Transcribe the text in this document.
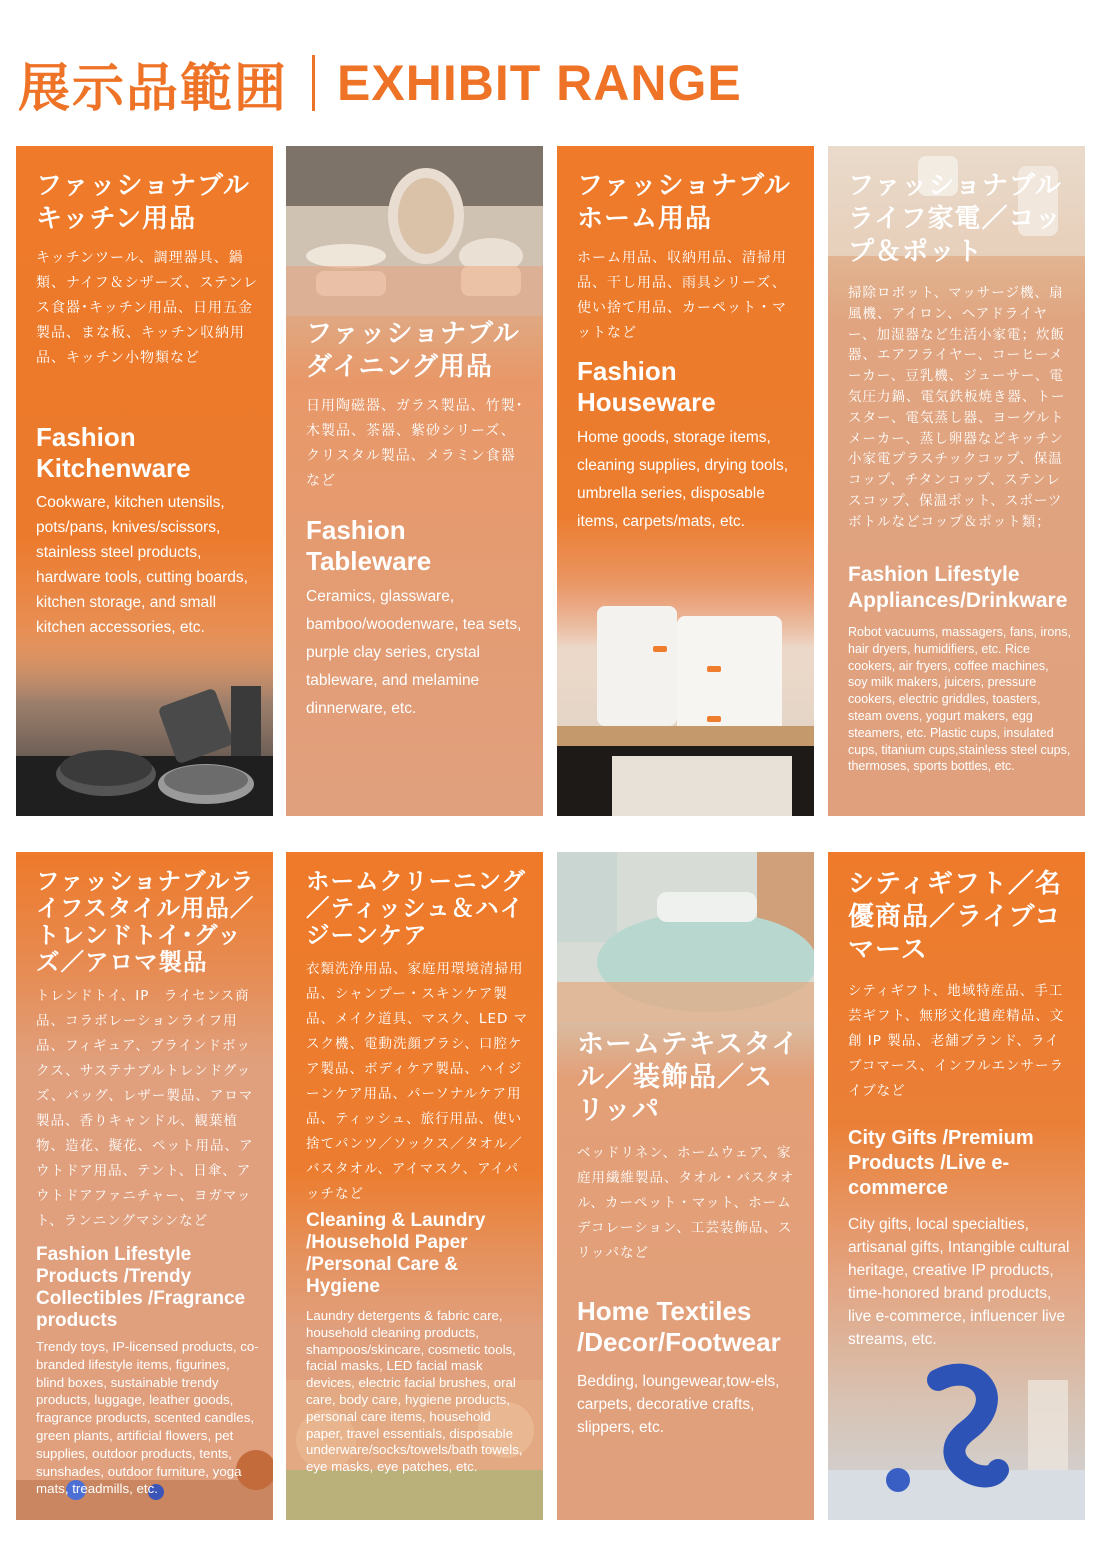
展示品範囲 EXHIBIT RANGE
ファッショナブルキッチン用品
キッチンツール、調理器具、鍋類、ナイフ＆シザーズ、ステンレス食器･キッチン用品、日用五金製品、まな板、キッチン収納用品、キッチン小物類など
Fashion Kitchenware
Cookware, kitchen utensils, pots/pans, knives/scissors, stainless steel products, hardware tools, cutting boards, kitchen storage, and small kitchen accessories, etc.
ファッショナブルダイニング用品
日用陶磁器、ガラス製品、竹製･木製品、茶器、紫砂シリーズ、クリスタル製品、メラミン食器など
Fashion Tableware
Ceramics, glassware, bamboo/woodenware, tea sets, purple clay series, crystal tableware, and melamine dinnerware, etc.
ファッショナブルホーム用品
ホーム用品、収納用品、清掃用品、干し用品、雨具シリーズ、使い捨て用品、カーペット・マットなど
Fashion Houseware
Home goods, storage items, cleaning supplies, drying tools, umbrella series, disposable items, carpets/mats, etc.
ファッショナブルライフ家電／コップ＆ポット
掃除ロボット、マッサージ機、扇風機、アイロン、ヘアドライヤー、加湿器など生活小家電；炊飯器、エアフライヤー、コーヒーメーカー、豆乳機、ジューサー、電気圧力鍋、電気鉄板焼き器、トースター、電気蒸し器、ヨーグルトメーカー、蒸し卵器などキッチン小家電プラスチックコップ、保温コップ、チタンコップ、ステンレスコップ、保温ポット、スポーツボトルなどコップ＆ポット類；
Fashion Lifestyle Appliances/Drinkware
Robot vacuums, massagers, fans, irons, hair dryers, humidifiers, etc. Rice cookers, air fryers, coffee machines, soy milk makers, juicers, pressure cookers, electric griddles, toasters, steam ovens, yogurt makers, egg steamers, etc. Plastic cups, insulated cups, titanium cups,stainless steel cups, thermoses, sports bottles, etc.
ファッショナブルライフスタイル用品／トレンドトイ･グッズ／アロマ製品
トレンドトイ、IP　ライセンス商品、コラボレーションライフ用品、フィギュア、ブラインドボックス、サステナブルトレンドグッズ、バッグ、レザー製品、アロマ製品、香りキャンドル、観葉植物、造花、擬花、ペット用品、アウトドア用品、テント、日傘、アウトドアファニチャー、ヨガマット、ランニングマシンなど
Fashion Lifestyle Products /Trendy Collectibles /Fragrance products
Trendy toys, IP-licensed products, co-branded lifestyle items, figurines, blind boxes, sustainable trendy products, luggage, leather goods, fragrance products, scented candles, green plants, artificial flowers, pet supplies, outdoor products, tents, sunshades, outdoor furniture, yoga mats, treadmills, etc.
ホームクリーニング／ティッシュ＆ハイジーンケア
衣類洗浄用品、家庭用環境清掃用品、シャンプー・スキンケア製品、メイク道具、マスク、LED マスク機、電動洗顔ブラシ、口腔ケア製品、ボディケア製品、ハイジーンケア用品、パーソナルケア用品、ティッシュ、旅行用品、使い捨てパンツ／ソックス／タオル／バスタオル、アイマスク、アイパッチなど
Cleaning & Laundry /Household Paper /Personal Care & Hygiene
Laundry detergents & fabric care, household cleaning products, shampoos/skincare, cosmetic tools, facial masks, LED facial mask devices, electric facial brushes, oral care, body care, hygiene products, personal care items, household paper, travel essentials, disposable underware/socks/towels/bath towels, eye masks, eye patches, etc.
ホームテキスタイル／装飾品／スリッパ
ベッドリネン、ホームウェア、家庭用繊維製品、タオル・バスタオル、カーペット・マット、ホームデコレーション、工芸装飾品、スリッパなど
Home Textiles /Decor/Footwear
Bedding, loungewear,tow-els, carpets, decorative crafts, slippers, etc.
シティギフト／名優商品／ライブコマース
シティギフト、地域特産品、手工芸ギフト、無形文化遺産精品、文創 IP 製品、老舗ブランド、ライブコマース、インフルエンサーライブなど
City Gifts /Premium Products /Live e-commerce
City gifts, local specialties, artisanal gifts, Intangible cultural heritage, creative IP products, time-honored brand products, live e-commerce, influencer live streams, etc.
